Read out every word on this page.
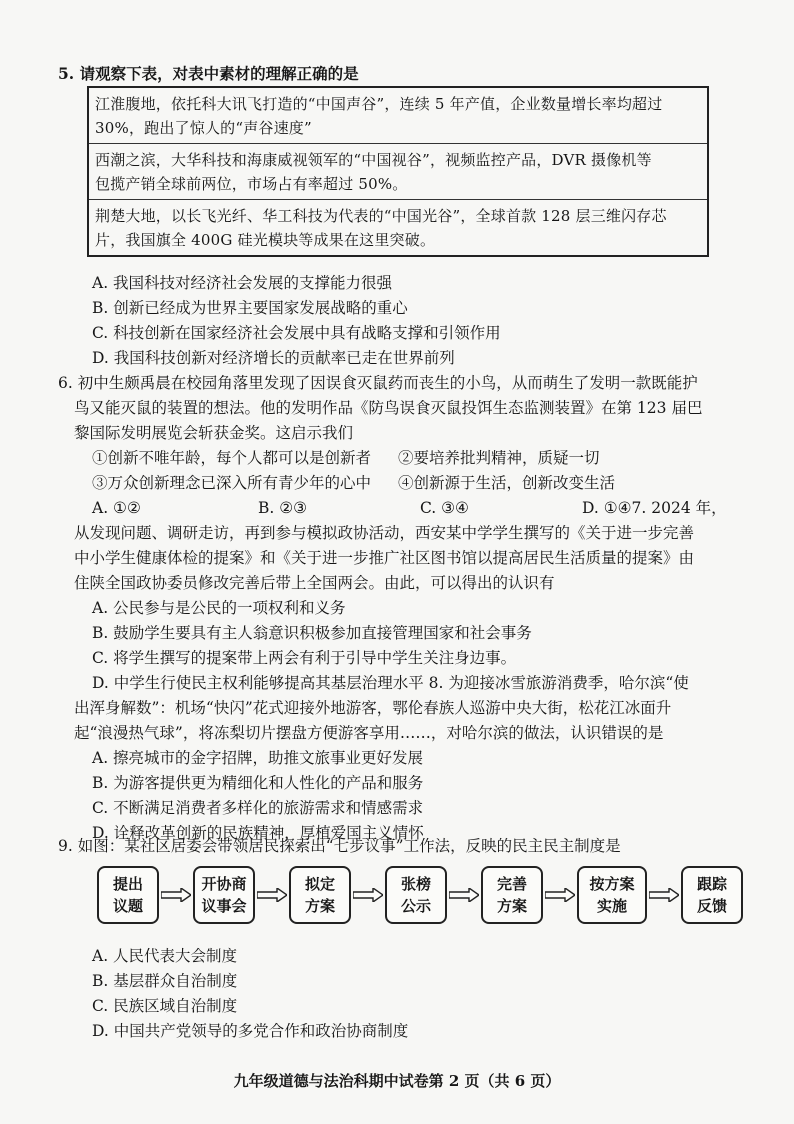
5. 请观察下表，对表中素材的理解正确的是
江淮腹地，依托科大讯飞打造的“中国声谷”，连续 5 年产值，企业数量增长率均超过
30%，跑出了惊人的“声谷速度”

西潮之滨，大华科技和海康威视领军的“中国视谷”，视频监控产品，DVR 摄像机等
包揽产销全球前两位，市场占有率超过 50%。

荆楚大地，以长飞光纤、华工科技为代表的“中国光谷”，全球首款 128 层三维闪存芯
片，我国旗全 400G 硅光模块等成果在这里突破。
A. 我国科技对经济社会发展的支撑能力很强
B. 创新已经成为世界主要国家发展战略的重心
C. 科技创新在国家经济社会发展中具有战略支撑和引领作用
D. 我国科技创新对经济增长的贡献率已走在世界前列
6. 初中生颇禹晨在校园角落里发现了因误食灭鼠药而丧生的小鸟，从而萌生了发明一款既能护
鸟又能灭鼠的装置的想法。他的发明作品《防鸟误食灭鼠投饵生态监测装置》在第 123 届巴
黎国际发明展览会斩获金奖。这启示我们
①创新不唯年龄，每个人都可以是创新者 ②要培养批判精神，质疑一切
③万众创新理念已深入所有青少年的心中 ④创新源于生活，创新改变生活
A. ①②	B. ②③	C. ③④	D. ①④7. 2024 年，
从发现问题、调研走访，再到参与模拟政协活动，西安某中学学生撰写的《关于进一步完善
中小学生健康体检的提案》和《关于进一步推广社区图书馆以提高居民生活质量的提案》由
住陕全国政协委员修改完善后带上全国两会。由此，可以得出的认识有
A. 公民参与是公民的一项权利和义务
B. 鼓励学生要具有主人翁意识积极参加直接管理国家和社会事务
C. 将学生撰写的提案带上两会有利于引导中学生关注身边事。
D. 中学生行使民主权利能够提高其基层治理水平 8. 为迎接冰雪旅游消费季，哈尔滨“使
出浑身解数”：机场“快闪”花式迎接外地游客，鄂伦春族人巡游中央大街，松花江冰面升
起“浪漫热气球”，将冻梨切片摆盘方便游客享用……，对哈尔滨的做法，认识错误的是
A. 擦亮城市的金字招牌，助推文旅事业更好发展
B. 为游客提供更为精细化和人性化的产品和服务
C. 不断满足消费者多样化的旅游需求和情感需求
D. 诠释改革创新的民族精神，厚植爱国主义情怀
9. 如图：某社区居委会带领居民探索出“七步议事”工作法，反映的民主民主制度是
提出
议题
开协商
议事会
拟定
方案
张榜
公示
完善
方案
按方案
实施
跟踪
反馈
A. 人民代表大会制度
B. 基层群众自治制度
C. 民族区域自治制度
D. 中国共产党领导的多党合作和政治协商制度
九年级道德与法治科期中试卷第 2 页（共 6 页）
